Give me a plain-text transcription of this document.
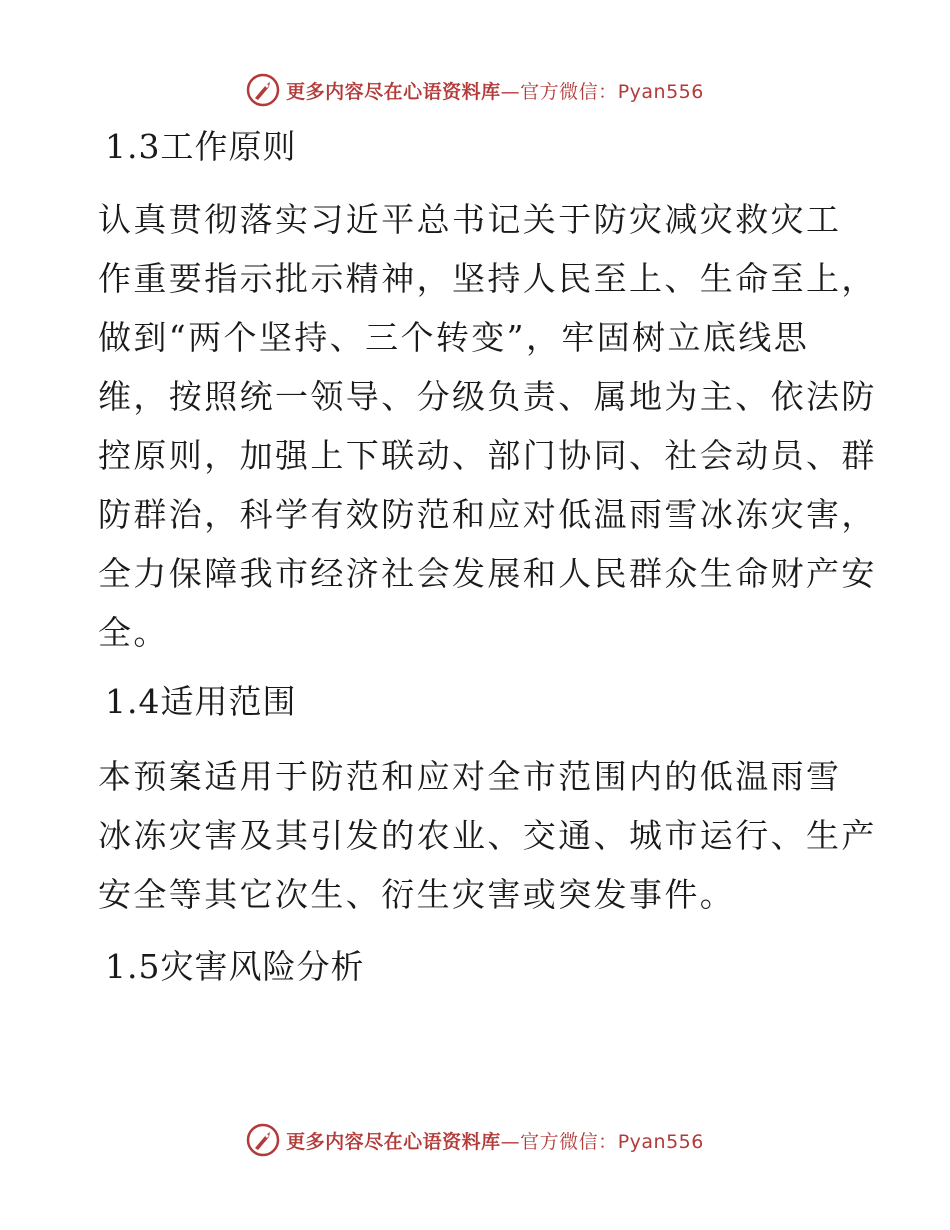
更多内容尽在心语资料库—官方微信：Pyan556
1.3工作原则
认真贯彻落实习近平总书记关于防灾减灾救灾工
作重要指示批示精神，坚持人民至上、生命至上，
做到“两个坚持、三个转变”，牢固树立底线思
维，按照统一领导、分级负责、属地为主、依法防
控原则，加强上下联动、部门协同、社会动员、群
防群治，科学有效防范和应对低温雨雪冰冻灾害，
全力保障我市经济社会发展和人民群众生命财产安
全。
1.4适用范围
本预案适用于防范和应对全市范围内的低温雨雪
冰冻灾害及其引发的农业、交通、城市运行、生产
安全等其它次生、衍生灾害或突发事件。
1.5灾害风险分析
更多内容尽在心语资料库—官方微信：Pyan556
